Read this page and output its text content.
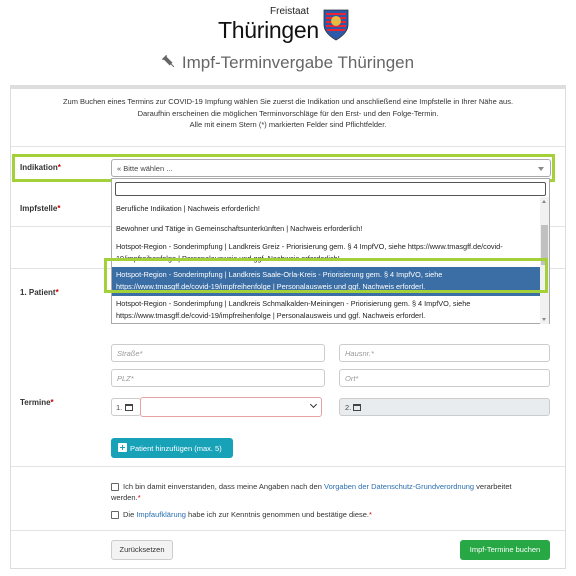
Freistaat
Thüringen
Impf-Terminvergabe Thüringen
Zum Buchen eines Termins zur COVID-19 Impfung wählen Sie zuerst die Indikation und anschließend eine Impfstelle in Ihrer Nähe aus.
Daraufhin erscheinen die möglichen Terminvorschläge für den Erst- und den Folge-Termin.
Alle mit einem Stern (*) markierten Felder sind Pflichtfelder.
Indikation*	« Bitte wählen ...
Impfstelle*
1. Patient*
Straße*	Hausnr.*
PLZ*	Ort*
Termine*
1.	2.
Patient hinzufügen (max. 5)
Ich bin damit einverstanden, dass meine Angaben nach den Vorgaben der Datenschutz-Grundverordnung verarbeitet
werden.*
Die Impfaufklärung habe ich zur Kenntnis genommen und bestätige diese.*
Zurücksetzen	Impf-Termine buchen
Berufliche Indikation | Nachweis erforderlich!
Bewohner und Tätige in Gemeinschaftsunterkünften | Nachweis erforderlich!
Hotspot-Region - Sonderimpfung | Landkreis Greiz - Priorisierung gem. § 4 ImpfVO, siehe https://www.tmasgff.de/covid-
19/impfreihenfolge | Personalausweis und ggf. Nachweis erforderlich!
Hotspot-Region - Sonderimpfung | Landkreis Saale-Orla-Kreis - Priorisierung gem. § 4 ImpfVO, siehe
https://www.tmasgff.de/covid-19/impfreihenfolge | Personalausweis und ggf. Nachweis erforderl.
Hotspot-Region - Sonderimpfung | Landkreis Schmalkalden-Meiningen - Priorisierung gem. § 4 ImpfVO, siehe
https://www.tmasgff.de/covid-19/impfreihenfolge | Personalausweis und ggf. Nachweis erforderl.
